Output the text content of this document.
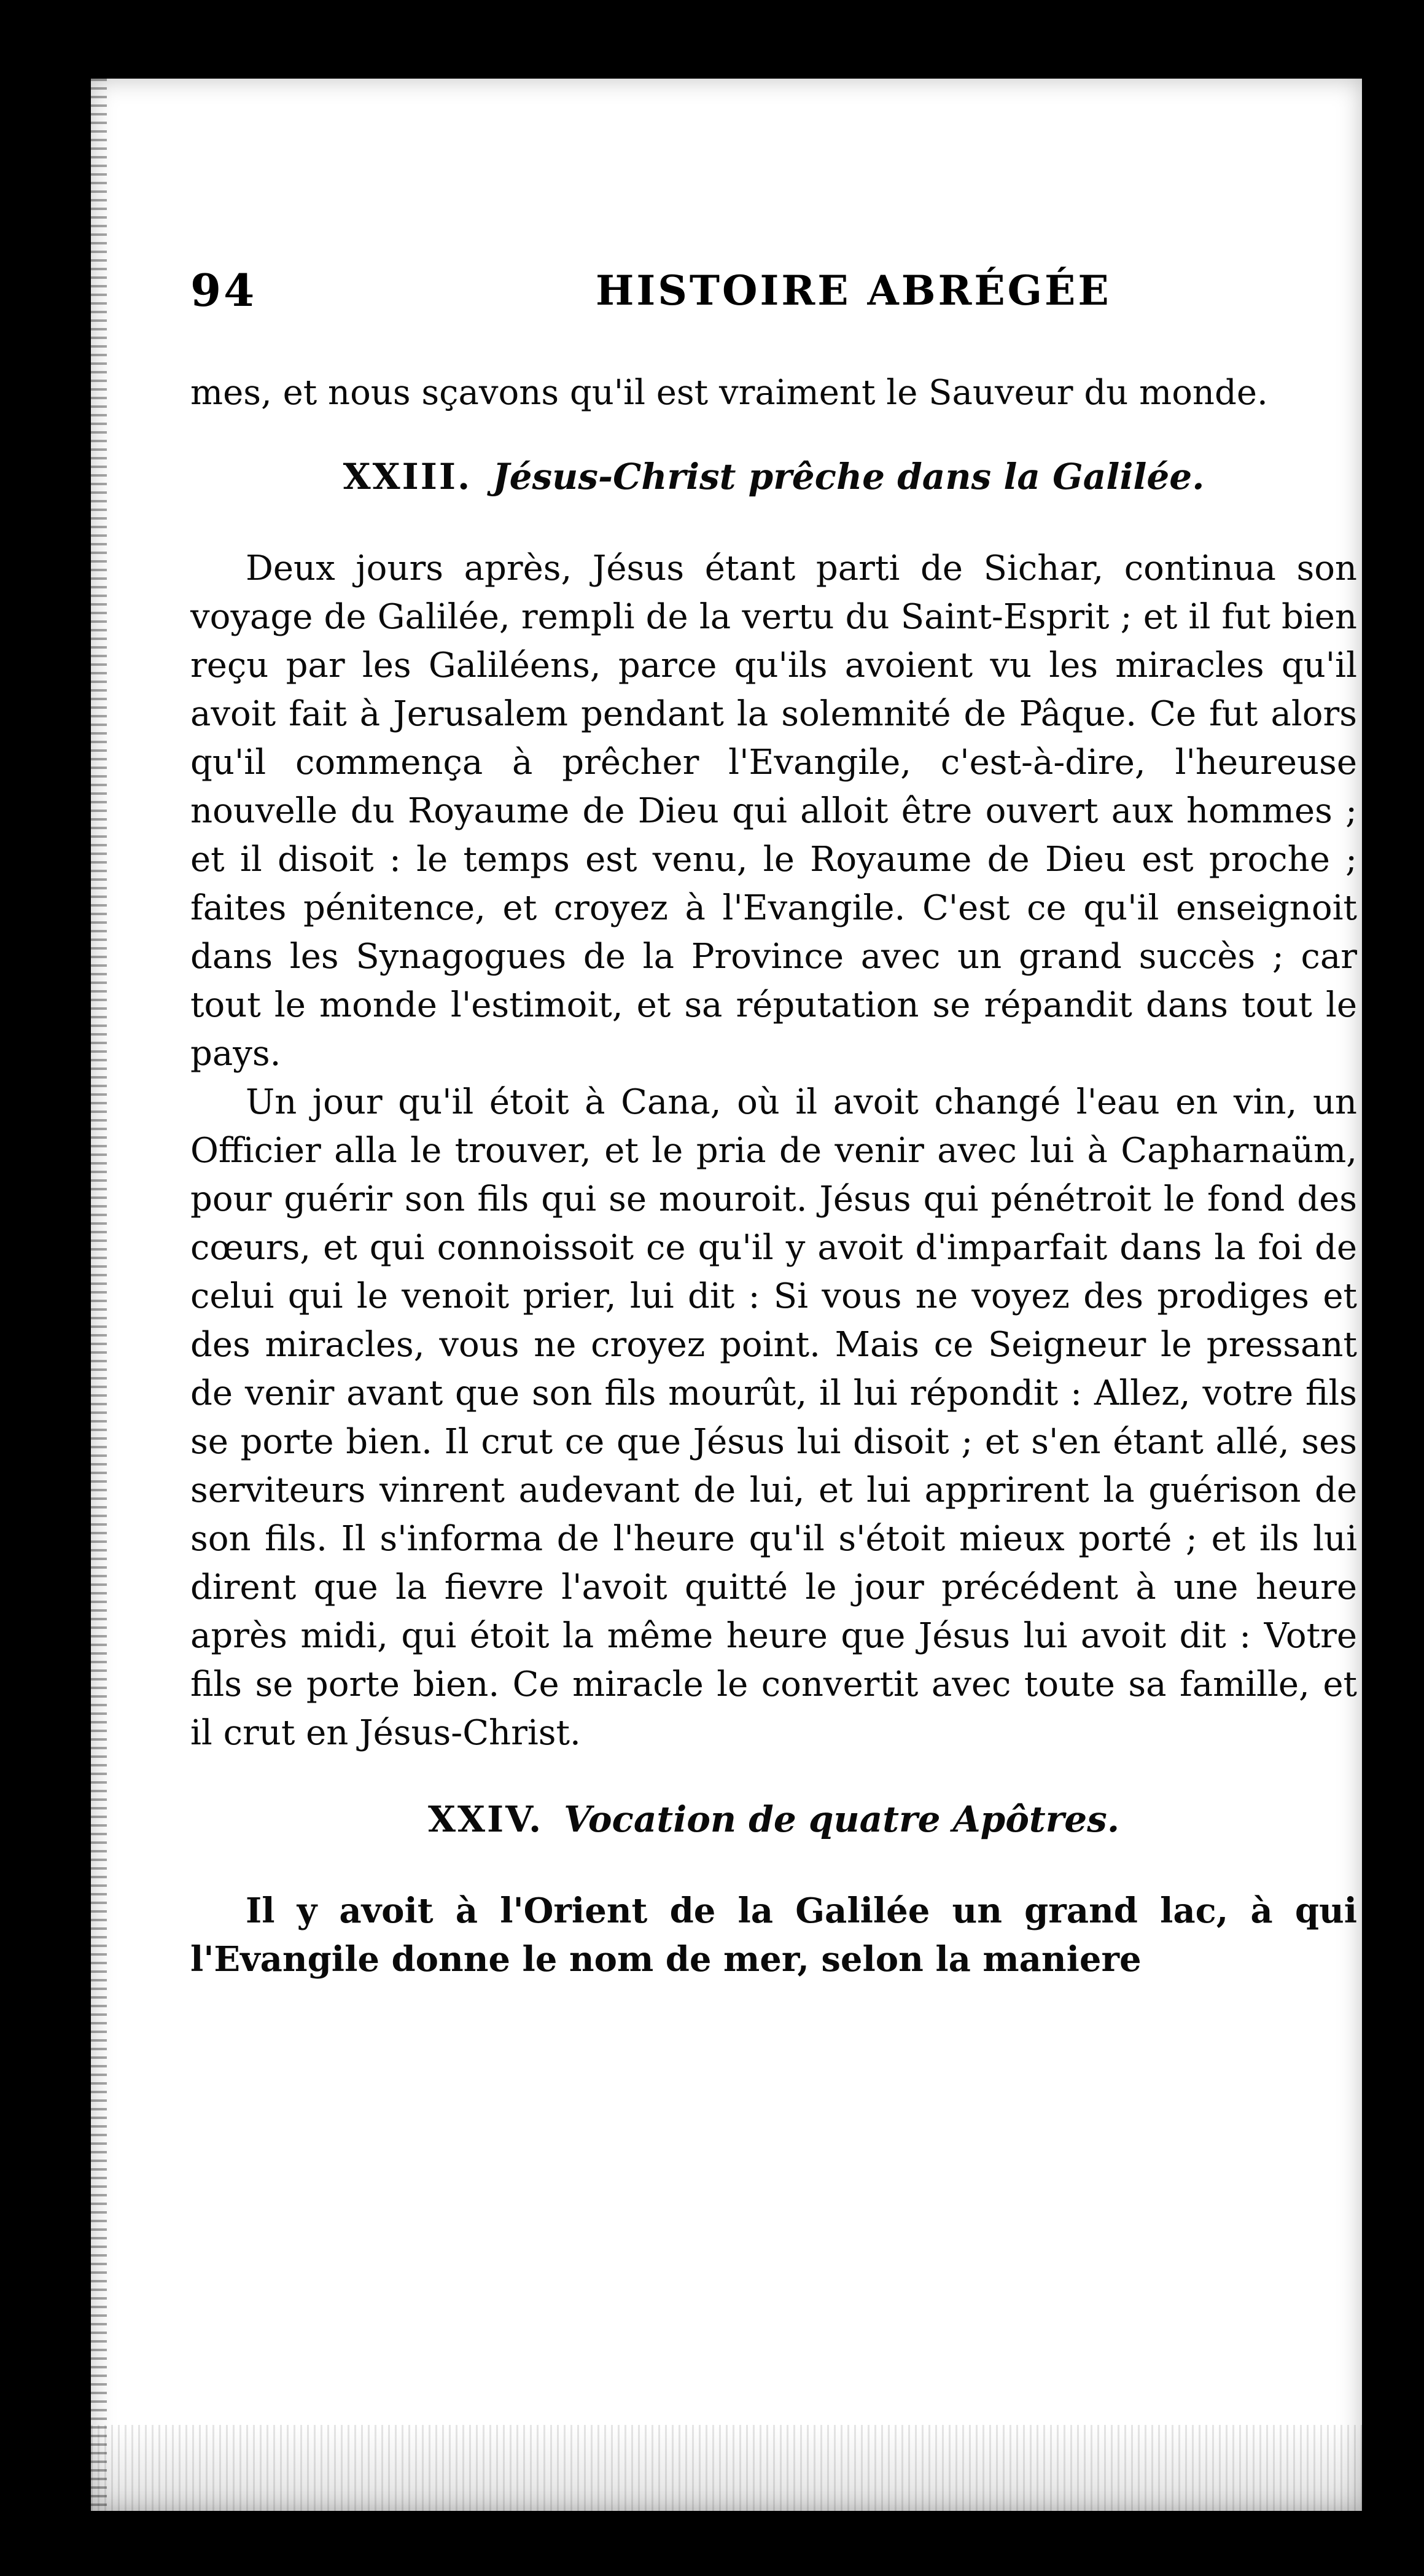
94	HISTOIRE ABRÉGÉE

mes, et nous sçavons qu'il est vraiment le Sauveur du monde.

XXIII. Jésus-Christ prêche dans la Galilée.

Deux jours après, Jésus étant parti de Sichar, continua son voyage de Galilée, rempli de la vertu du Saint-Esprit ; et il fut bien reçu par les Galiléens, parce qu'ils avoient vu les miracles qu'il avoit fait à Jerusalem pendant la solemnité de Pâque. Ce fut alors qu'il commença à prêcher l'Evangile, c'est-à-dire, l'heureuse nouvelle du Royaume de Dieu qui alloit être ouvert aux hommes ; et il disoit : le temps est venu, le Royaume de Dieu est proche ; faites pénitence, et croyez à l'Evangile. C'est ce qu'il enseignoit dans les Synagogues de la Province avec un grand succès ; car tout le monde l'estimoit, et sa réputation se répandit dans tout le pays.

Un jour qu'il étoit à Cana, où il avoit changé l'eau en vin, un Officier alla le trouver, et le pria de venir avec lui à Capharnaüm, pour guérir son fils qui se mouroit. Jésus qui pénétroit le fond des cœurs, et qui connoissoit ce qu'il y avoit d'imparfait dans la foi de celui qui le venoit prier, lui dit : Si vous ne voyez des prodiges et des miracles, vous ne croyez point. Mais ce Seigneur le pressant de venir avant que son fils mourût, il lui répondit : Allez, votre fils se porte bien. Il crut ce que Jésus lui disoit ; et s'en étant allé, ses serviteurs vinrent audevant de lui, et lui apprirent la guérison de son fils. Il s'informa de l'heure qu'il s'étoit mieux porté ; et ils lui dirent que la fievre l'avoit quitté le jour précédent à une heure après midi, qui étoit la même heure que Jésus lui avoit dit : Votre fils se porte bien. Ce miracle le convertit avec toute sa famille, et il crut en Jésus-Christ.

XXIV. Vocation de quatre Apôtres.

Il y avoit à l'Orient de la Galilée un grand lac, à qui l'Evangile donne le nom de mer, selon la maniere
